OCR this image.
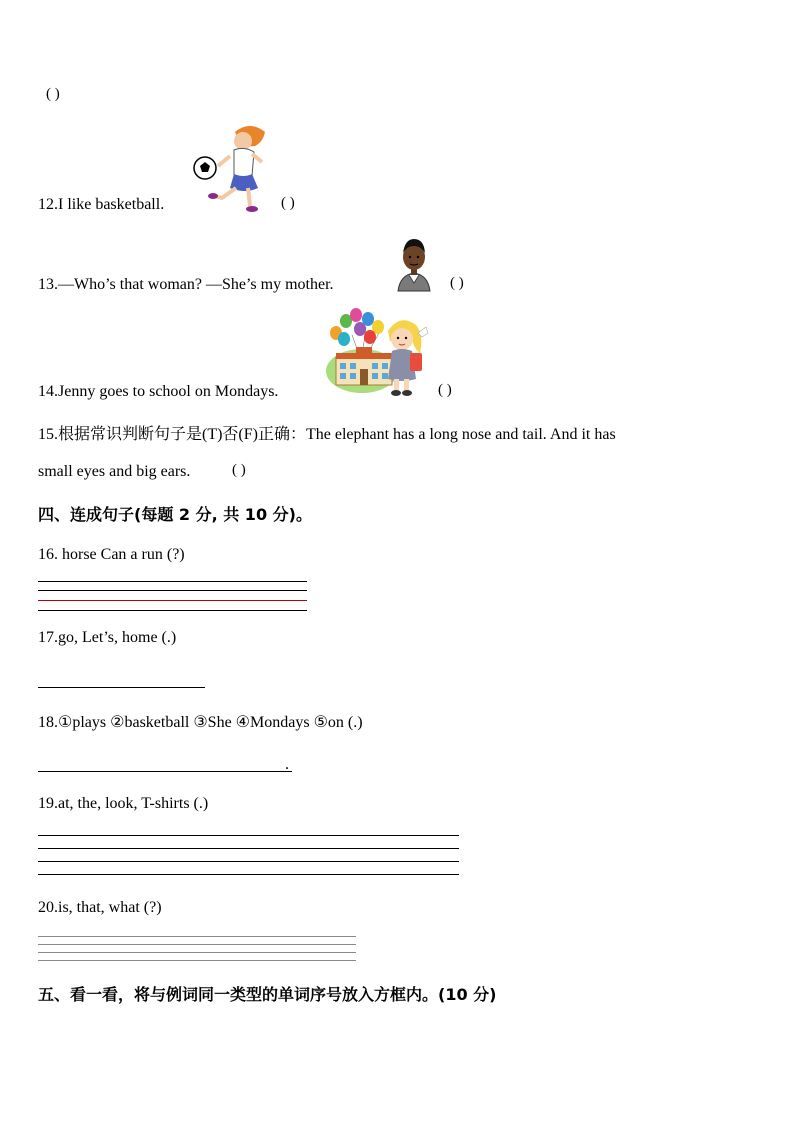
( )
12.I like basketball.	( )
13.—Who’s that woman? —She’s my mother.	( )
14.Jenny goes to school on Mondays.	( )
15.根据常识判断句子是(T)否(F)正确：The elephant has a long nose and tail. And it has
small eyes and big ears.	( )
四、连成句子(每题 2 分, 共 10 分)。
16. horse Can a run (?)
17.go, Let’s, home (.)
18.①plays ②basketball ③She ④Mondays ⑤on (.)
.
19.at, the, look, T-shirts (.)
20.is, that, what (?)
五、看一看，将与例词同一类型的单词序号放入方框内。(10 分)
